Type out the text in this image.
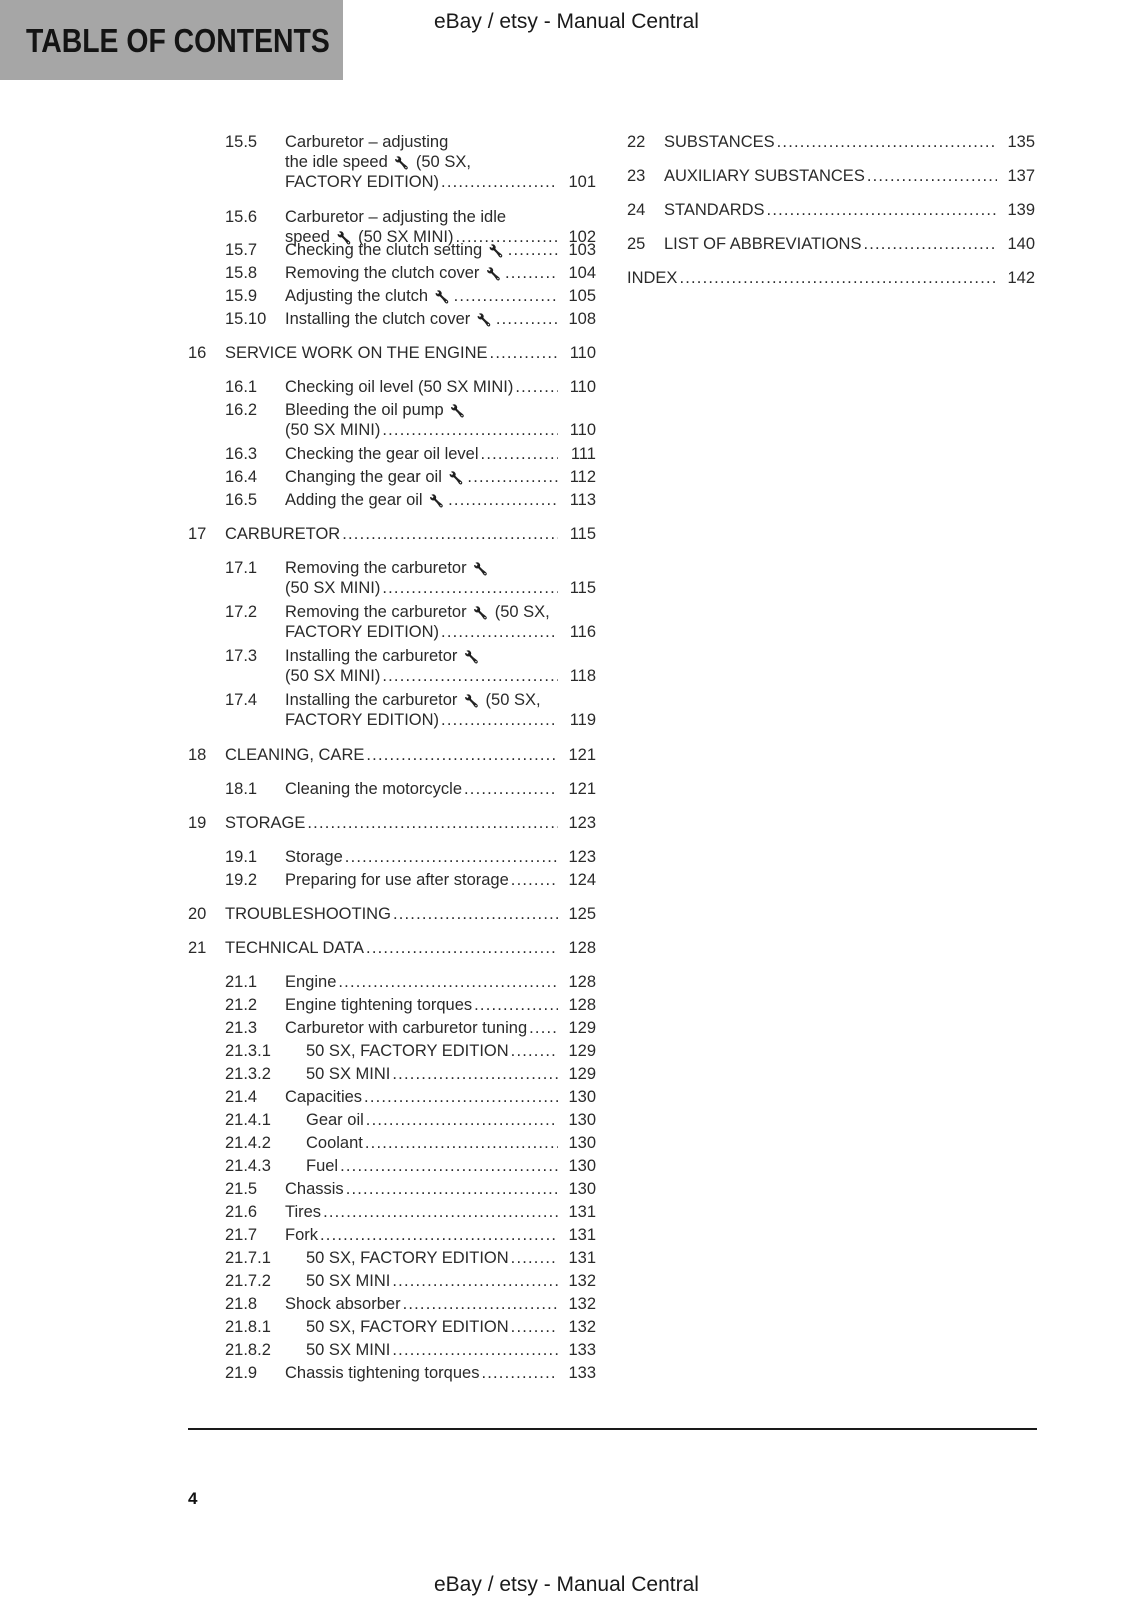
TABLE OF CONTENTS
eBay / etsy - Manual Central
15.5 Carburetor – adjusting
the idle speed 🔧 (50 SX,
FACTORY EDITION) .....	101
15.6 Carburetor – adjusting the idle
speed 🔧 (50 SX MINI) .....	102
15.7 Checking the clutch setting 🔧 .....	103
15.8 Removing the clutch cover 🔧 .....	104
15.9 Adjusting the clutch 🔧 .....	105
15.10 Installing the clutch cover 🔧 .....	108
16 SERVICE WORK ON THE ENGINE .....	110
16.1 Checking oil level (50 SX MINI) .....	110
16.2 Bleeding the oil pump 🔧
(50 SX MINI) .....	110
16.3 Checking the gear oil level .....	111
16.4 Changing the gear oil 🔧 .....	112
16.5 Adding the gear oil 🔧 .....	113
17 CARBURETOR .....	115
17.1 Removing the carburetor 🔧
(50 SX MINI) .....	115
17.2 Removing the carburetor 🔧 (50 SX,
FACTORY EDITION) .....	116
17.3 Installing the carburetor 🔧
(50 SX MINI) .....	118
17.4 Installing the carburetor 🔧 (50 SX,
FACTORY EDITION) .....	119
18 CLEANING, CARE .....	121
18.1 Cleaning the motorcycle .....	121
19 STORAGE .....	123
19.1 Storage .....	123
19.2 Preparing for use after storage .....	124
20 TROUBLESHOOTING .....	125
21 TECHNICAL DATA .....	128
21.1 Engine .....	128
21.2 Engine tightening torques .....	128
21.3 Carburetor with carburetor tuning .....	129
21.3.1 50 SX, FACTORY EDITION .....	129
21.3.2 50 SX MINI .....	129
21.4 Capacities .....	130
21.4.1 Gear oil .....	130
21.4.2 Coolant .....	130
21.4.3 Fuel .....	130
21.5 Chassis .....	130
21.6 Tires .....	131
21.7 Fork .....	131
21.7.1 50 SX, FACTORY EDITION .....	131
21.7.2 50 SX MINI .....	132
21.8 Shock absorber .....	132
21.8.1 50 SX, FACTORY EDITION .....	132
21.8.2 50 SX MINI .....	133
21.9 Chassis tightening torques .....	133
22 SUBSTANCES .....	135
23 AUXILIARY SUBSTANCES .....	137
24 STANDARDS .....	139
25 LIST OF ABBREVIATIONS .....	140
INDEX .....	142
4
eBay / etsy - Manual Central
